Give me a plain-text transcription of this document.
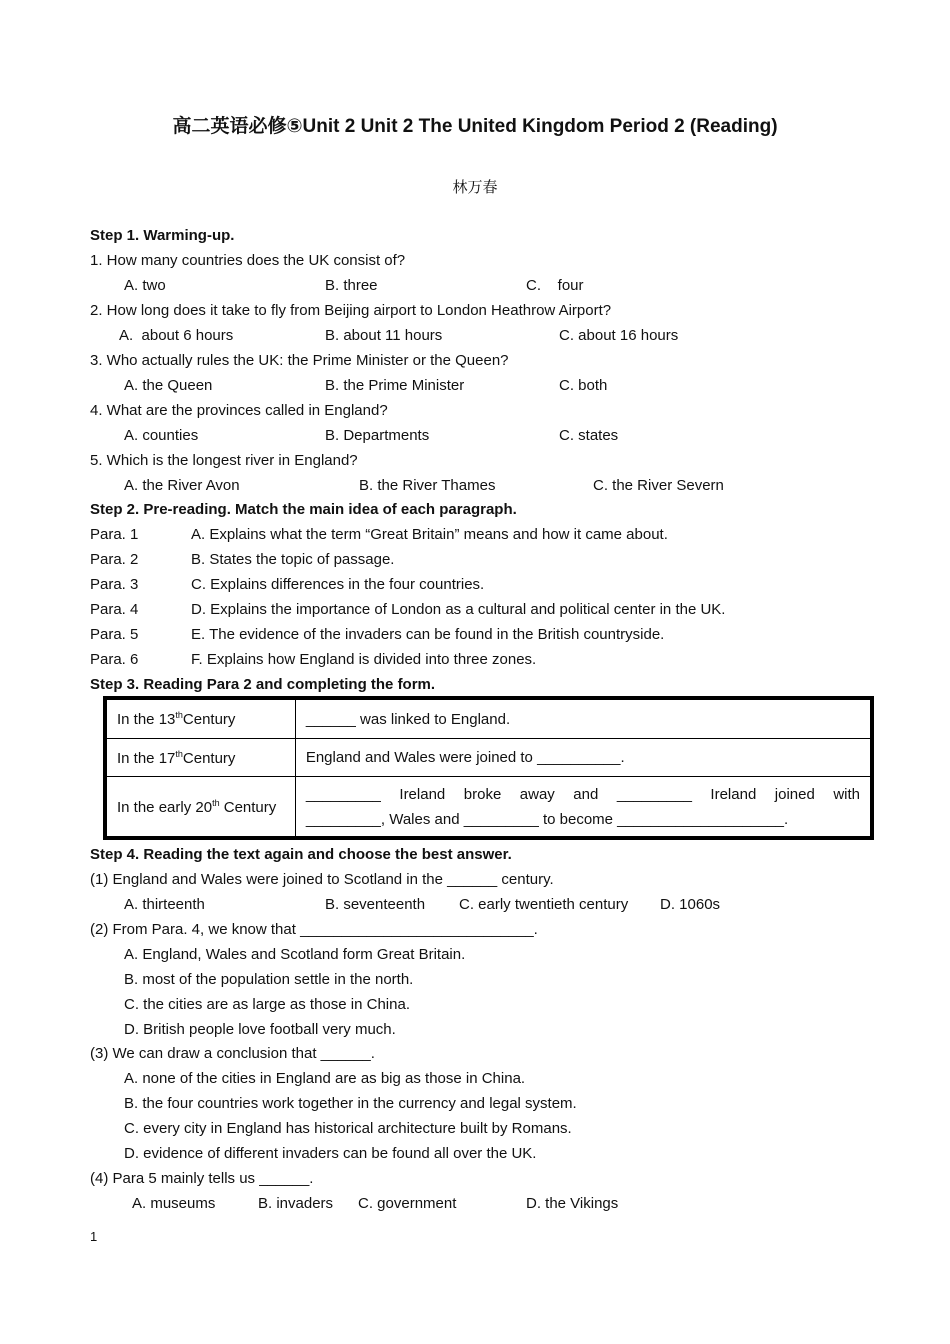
高二英语必修⑤Unit 2 Unit 2 The United Kingdom Period 2 (Reading)
林万春
Step 1. Warming-up.
1. How many countries does the UK consist of?
A. two	B. three	C.    four
2. How long does it take to fly from Beijing airport to London Heathrow Airport?
A.  about 6 hours	B. about 11 hours	C. about 16 hours
3. Who actually rules the UK: the Prime Minister or the Queen?
A. the Queen	B. the Prime Minister	C. both
4. What are the provinces called in England?
A. counties	B. Departments	C. states
5. Which is the longest river in England?
A. the River Avon	B. the River Thames	C. the River Severn
Step 2. Pre-reading. Match the main idea of each paragraph.
Para. 1	A. Explains what the term “Great Britain” means and how it came about.
Para. 2	B. States the topic of passage.
Para. 3	C. Explains differences in the four countries.
Para. 4	D. Explains the importance of London as a cultural and political center in the UK.
Para. 5	E. The evidence of the invaders can be found in the British countryside.
Para. 6	F. Explains how England is divided into three zones.
Step 3. Reading Para 2 and completing the form.
In the 13thCentury	______ was linked to England.
In the 17thCentury	England and Wales were joined to __________.
In the early 20th Century	_________   Ireland   broke   away   and   _________   Ireland   joined   with
_________, Wales and _________ to become ____________________.
Step 4. Reading the text again and choose the best answer.
(1) England and Wales were joined to Scotland in the ______ century.
A. thirteenth	B. seventeenth C. early twentieth century D. 1060s
(2) From Para. 4, we know that ____________________________.
A. England, Wales and Scotland form Great Britain.
B. most of the population settle in the north.
C. the cities are as large as those in China.
D. British people love football very much.
(3) We can draw a conclusion that ______.
A. none of the cities in England are as big as those in China.
B. the four countries work together in the currency and legal system.
C. every city in England has historical architecture built by Romans.
D. evidence of different invaders can be found all over the UK.
(4) Para 5 mainly tells us ______.
A. museums	B. invaders C. government	D. the Vikings
1
